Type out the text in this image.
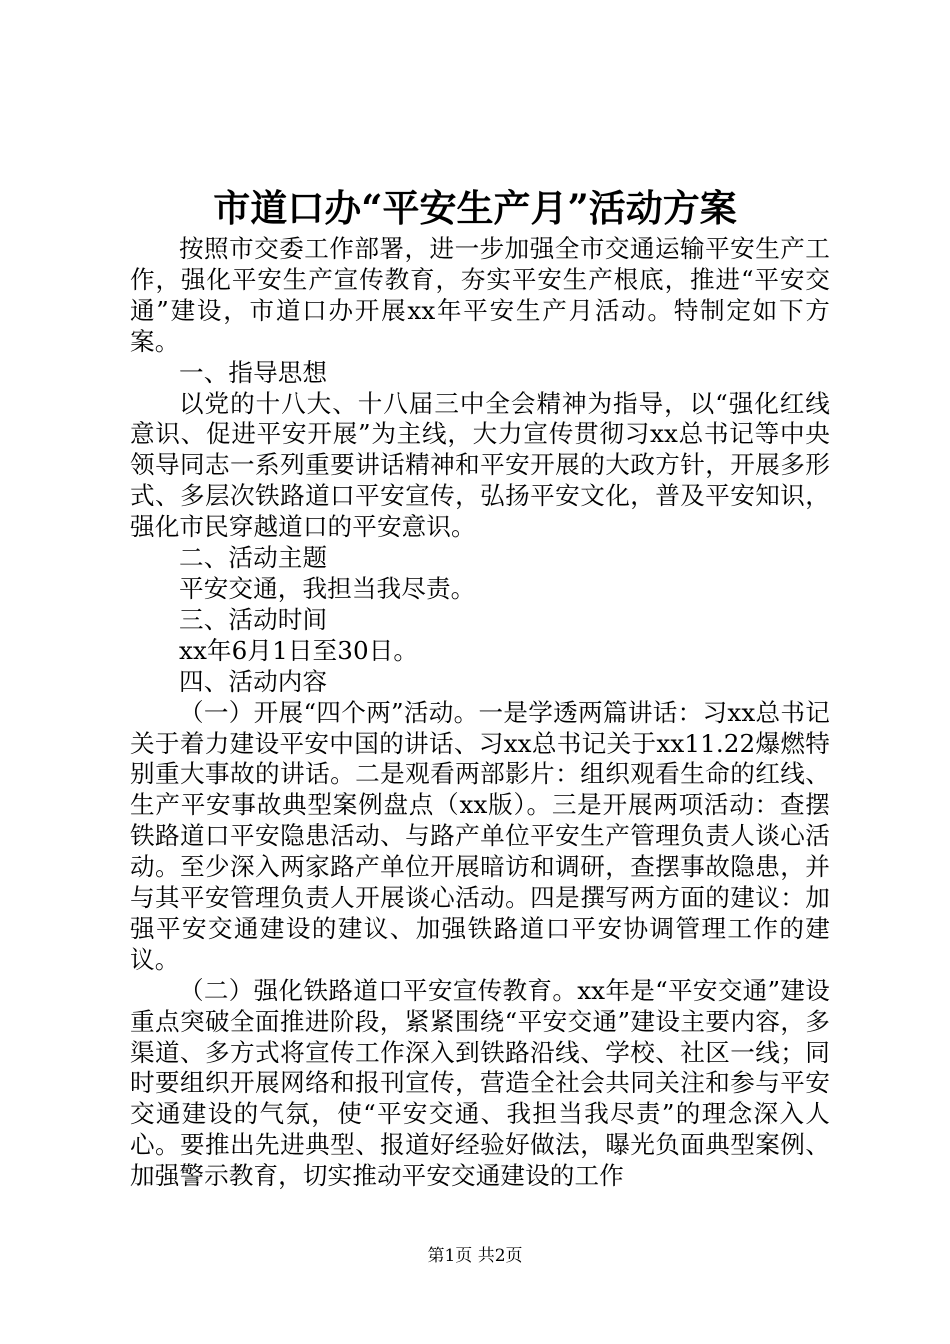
市道口办“平安生产月”活动方案

按照市交委工作部署，进一步加强全市交通运输平安生产工作，强化平安生产宣传教育，夯实平安生产根底，推进“平安交通”建设，市道口办开展xx年平安生产月活动。特制定如下方案。

一、指导思想

以党的十八大、十八届三中全会精神为指导，以“强化红线意识、促进平安开展”为主线，大力宣传贯彻习xx总书记等中央领导同志一系列重要讲话精神和平安开展的大政方针，开展多形式、多层次铁路道口平安宣传，弘扬平安文化，普及平安知识，强化市民穿越道口的平安意识。

二、活动主题

平安交通，我担当我尽责。

三、活动时间

xx年6月1日至30日。

四、活动内容

（一）开展“四个两”活动。一是学透两篇讲话：习xx总书记关于着力建设平安中国的讲话、习xx总书记关于xx11.22爆燃特别重大事故的讲话。二是观看两部影片：组织观看生命的红线、生产平安事故典型案例盘点（xx版）。三是开展两项活动：查摆铁路道口平安隐患活动、与路产单位平安生产管理负责人谈心活动。至少深入两家路产单位开展暗访和调研，查摆事故隐患，并与其平安管理负责人开展谈心活动。四是撰写两方面的建议：加强平安交通建设的建议、加强铁路道口平安协调管理工作的建议。

（二）强化铁路道口平安宣传教育。xx年是“平安交通”建设重点突破全面推进阶段，紧紧围绕“平安交通”建设主要内容，多渠道、多方式将宣传工作深入到铁路沿线、学校、社区一线；同时要组织开展网络和报刊宣传，营造全社会共同关注和参与平安交通建设的气氛，使“平安交通、我担当我尽责”的理念深入人心。要推出先进典型、报道好经验好做法，曝光负面典型案例、加强警示教育，切实推动平安交通建设的工作

第1页 共2页
